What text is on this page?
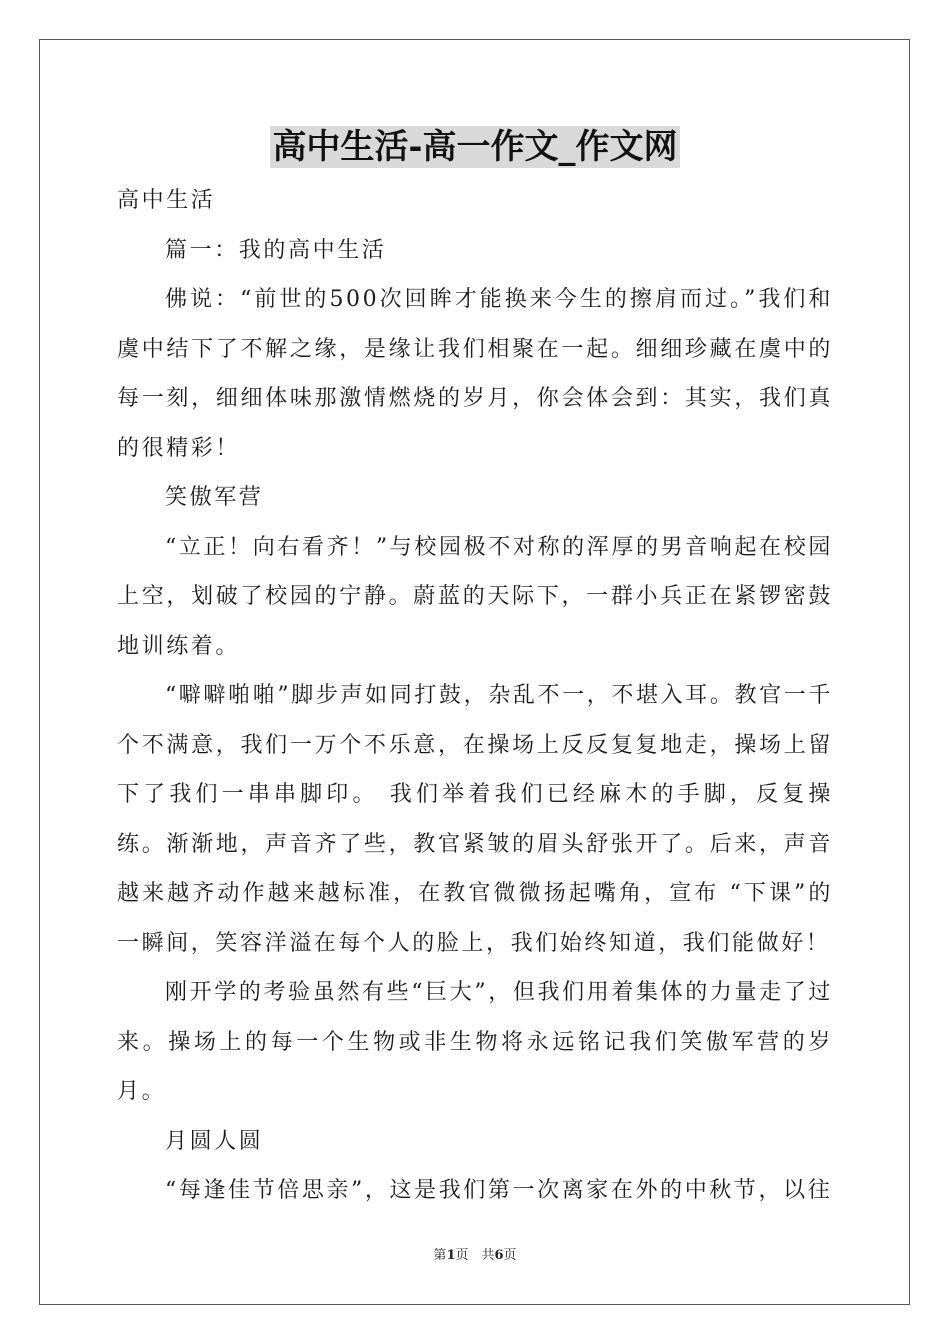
高中生活-高一作文_作文网

高中生活

篇一：我的高中生活

佛说：“前世的500次回眸才能换来今生的擦肩而过。”我们和虞中结下了不解之缘，是缘让我们相聚在一起。细细珍藏在虞中的每一刻，细细体味那激情燃烧的岁月，你会体会到：其实，我们真的很精彩！

笑傲军营

“立正！向右看齐！”与校园极不对称的浑厚的男音响起在校园上空，划破了校园的宁静。蔚蓝的天际下，一群小兵正在紧锣密鼓地训练着。

“噼噼啪啪”脚步声如同打鼓，杂乱不一，不堪入耳。教官一千个不满意，我们一万个不乐意，在操场上反反复复地走，操场上留下了我们一串串脚印。 我们举着我们已经麻木的手脚，反复操练。渐渐地，声音齐了些，教官紧皱的眉头舒张开了。后来，声音越来越齐动作越来越标准，在教官微微扬起嘴角，宣布 “下课”的一瞬间，笑容洋溢在每个人的脸上，我们始终知道，我们能做好！

刚开学的考验虽然有些“巨大”，但我们用着集体的力量走了过来。操场上的每一个生物或非生物将永远铭记我们笑傲军营的岁月。

月圆人圆

“每逢佳节倍思亲”，这是我们第一次离家在外的中秋节，以往

第1页　共6页
